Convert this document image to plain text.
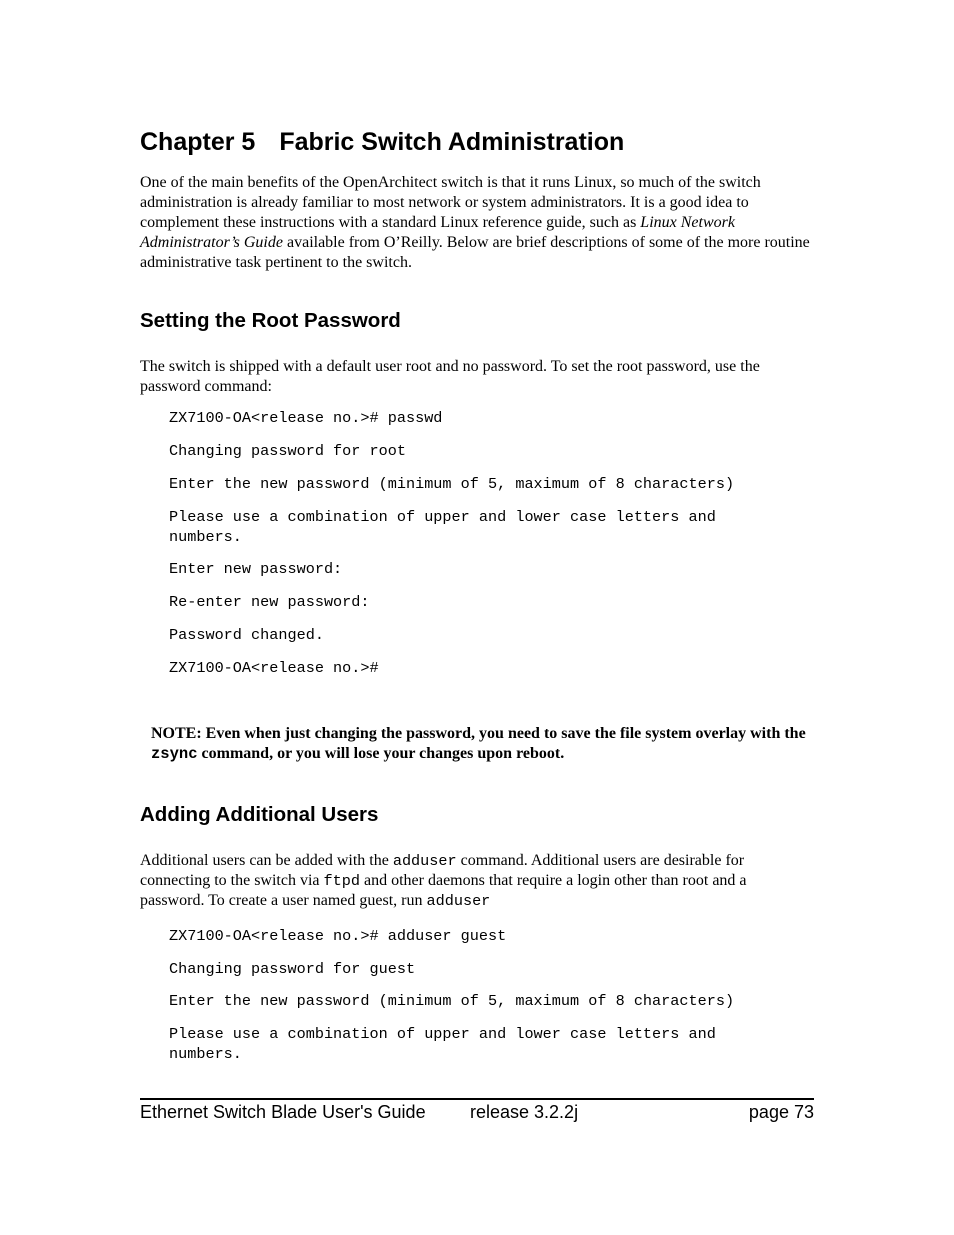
Chapter 5 Fabric Switch Administration

One of the main benefits of the OpenArchitect switch is that it runs Linux, so much of the switch administration is already familiar to most network or system administrators. It is a good idea to complement these instructions with a standard Linux reference guide, such as Linux Network Administrator’s Guide available from O’Reilly. Below are brief descriptions of some of the more routine administrative task pertinent to the switch.

Setting the Root Password

The switch is shipped with a default user root and no password. To set the root password, use the password command:

ZX7100-OA<release no.># passwd
Changing password for root
Enter the new password (minimum of 5, maximum of 8 characters)
Please use a combination of upper and lower case letters and
numbers.
Enter new password:
Re-enter new password:
Password changed.
ZX7100-OA<release no.>#

NOTE: Even when just changing the password, you need to save the file system overlay with the zsync command, or you will lose your changes upon reboot.

Adding Additional Users

Additional users can be added with the adduser command. Additional users are desirable for connecting to the switch via ftpd and other daemons that require a login other than root and a password. To create a user named guest, run adduser

ZX7100-OA<release no.># adduser guest
Changing password for guest
Enter the new password (minimum of 5, maximum of 8 characters)
Please use a combination of upper and lower case letters and
numbers.
Ethernet Switch Blade User's Guide release 3.2.2j	page 73
